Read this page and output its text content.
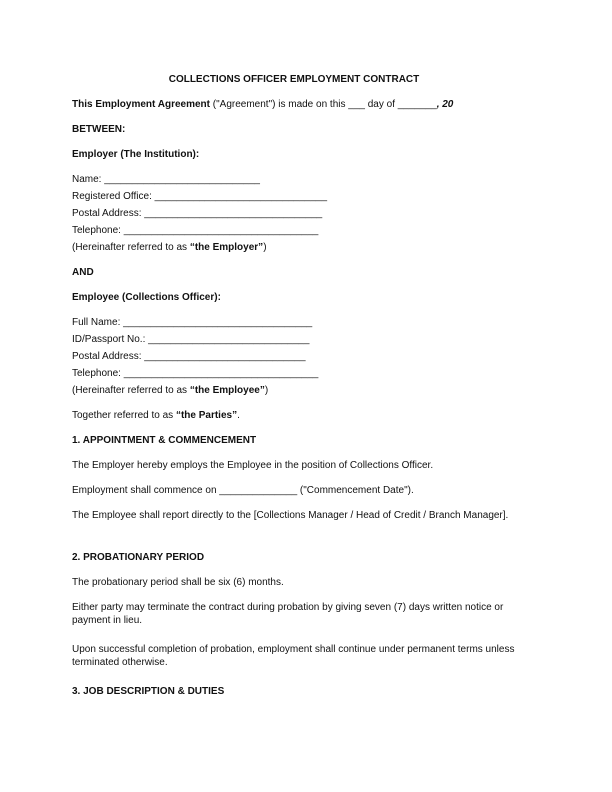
COLLECTIONS OFFICER EMPLOYMENT CONTRACT
This Employment Agreement ("Agreement") is made on this ___ day of _______, 20
BETWEEN:
Employer (The Institution):
Name: ____________________________
Registered Office: _______________________________
Postal Address: ________________________________
Telephone: ___________________________________
(Hereinafter referred to as “the Employer”)
AND
Employee (Collections Officer):
Full Name: __________________________________
ID/Passport No.: _____________________________
Postal Address: _____________________________
Telephone: ___________________________________
(Hereinafter referred to as “the Employee”)
Together referred to as “the Parties”.
1. APPOINTMENT & COMMENCEMENT
The Employer hereby employs the Employee in the position of Collections Officer.
Employment shall commence on ______________ ("Commencement Date").
The Employee shall report directly to the [Collections Manager / Head of Credit / Branch Manager].
2. PROBATIONARY PERIOD
The probationary period shall be six (6) months.
Either party may terminate the contract during probation by giving seven (7) days written notice or payment in lieu.
Upon successful completion of probation, employment shall continue under permanent terms unless terminated otherwise.
3. JOB DESCRIPTION & DUTIES
